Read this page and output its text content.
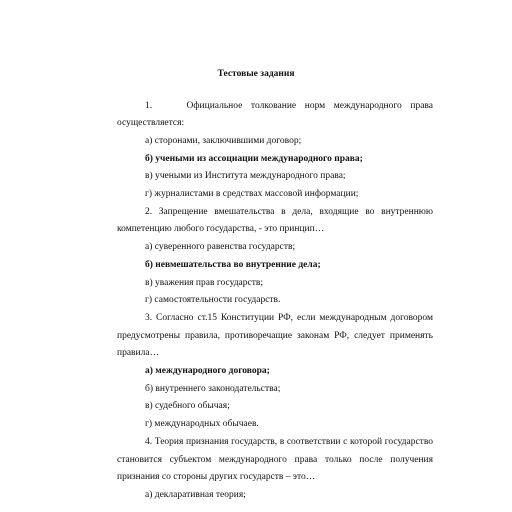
Тестовые задания
1.    Официальное толкование норм международного права
осуществляется:
а) сторонами, заключившими договор;
б) учеными из ассоциации международного права;
в) учеными из Института международного права;
г) журналистами в средствах массовой информации;
2. Запрещение вмешательства в дела, входящие во внутреннюю
компетенцию любого государства, - это принцип…
а) суверенного равенства государств;
б) невмешательства во внутренние дела;
в) уважения прав государств;
г) самостоятельности государств.
3. Согласно ст.15 Конституции РФ, если международным договором
предусмотрены правила, противоречащие законам РФ, следует применять
правила…
а) международного договора;
б) внутреннего законодательства;
в) судебного обычая;
г) международных обычаев.
4. Теория признания государств, в соответствии с которой государство
становится субъектом международного права только после получения
признания со стороны других государств – это…
а) декларативная теория;
